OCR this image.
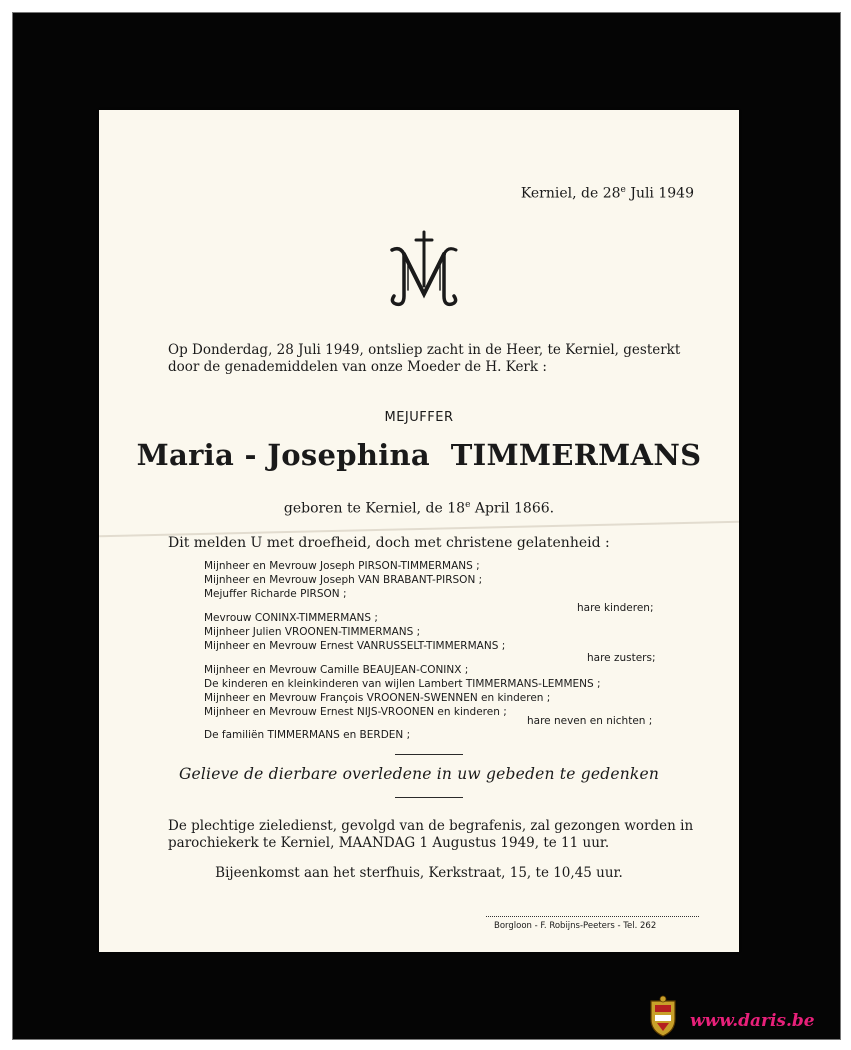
Kerniel, de 28e Juli 1949
Op Donderdag, 28 Juli 1949, ontsliep zacht in de Heer, te Kerniel, gesterkt
door de genademiddelen van onze Moeder de H. Kerk :
MEJUFFER
Maria - Josephina  TIMMERMANS
geboren te Kerniel, de 18e April 1866.
Dit melden U met droefheid, doch met christene gelatenheid :
Mijnheer en Mevrouw Joseph PIRSON-TIMMERMANS ;
Mijnheer en Mevrouw Joseph VAN BRABANT-PIRSON ;
Mejuffer Richarde PIRSON ;
hare kinderen;
Mevrouw CONINX-TIMMERMANS ;
Mijnheer Julien VROONEN-TIMMERMANS ;
Mijnheer en Mevrouw Ernest VANRUSSELT-TIMMERMANS ;
hare zusters;
Mijnheer en Mevrouw Camille BEAUJEAN-CONINX ;
De kinderen en kleinkinderen van wijlen Lambert TIMMERMANS-LEMMENS ;
Mijnheer en Mevrouw François VROONEN-SWENNEN en kinderen ;
Mijnheer en Mevrouw Ernest NIJS-VROONEN en kinderen ;
hare neven en nichten ;
De familiën TIMMERMANS en BERDEN ;
Gelieve de dierbare overledene in uw gebeden te gedenken
De plechtige zieledienst, gevolgd van de begrafenis, zal gezongen worden in
parochiekerk te Kerniel, MAANDAG 1 Augustus 1949, te 11 uur.
Bijeenkomst aan het sterfhuis, Kerkstraat, 15, te 10,45 uur.
Borgloon - F. Robijns-Peeters - Tel. 262
www.daris.be
